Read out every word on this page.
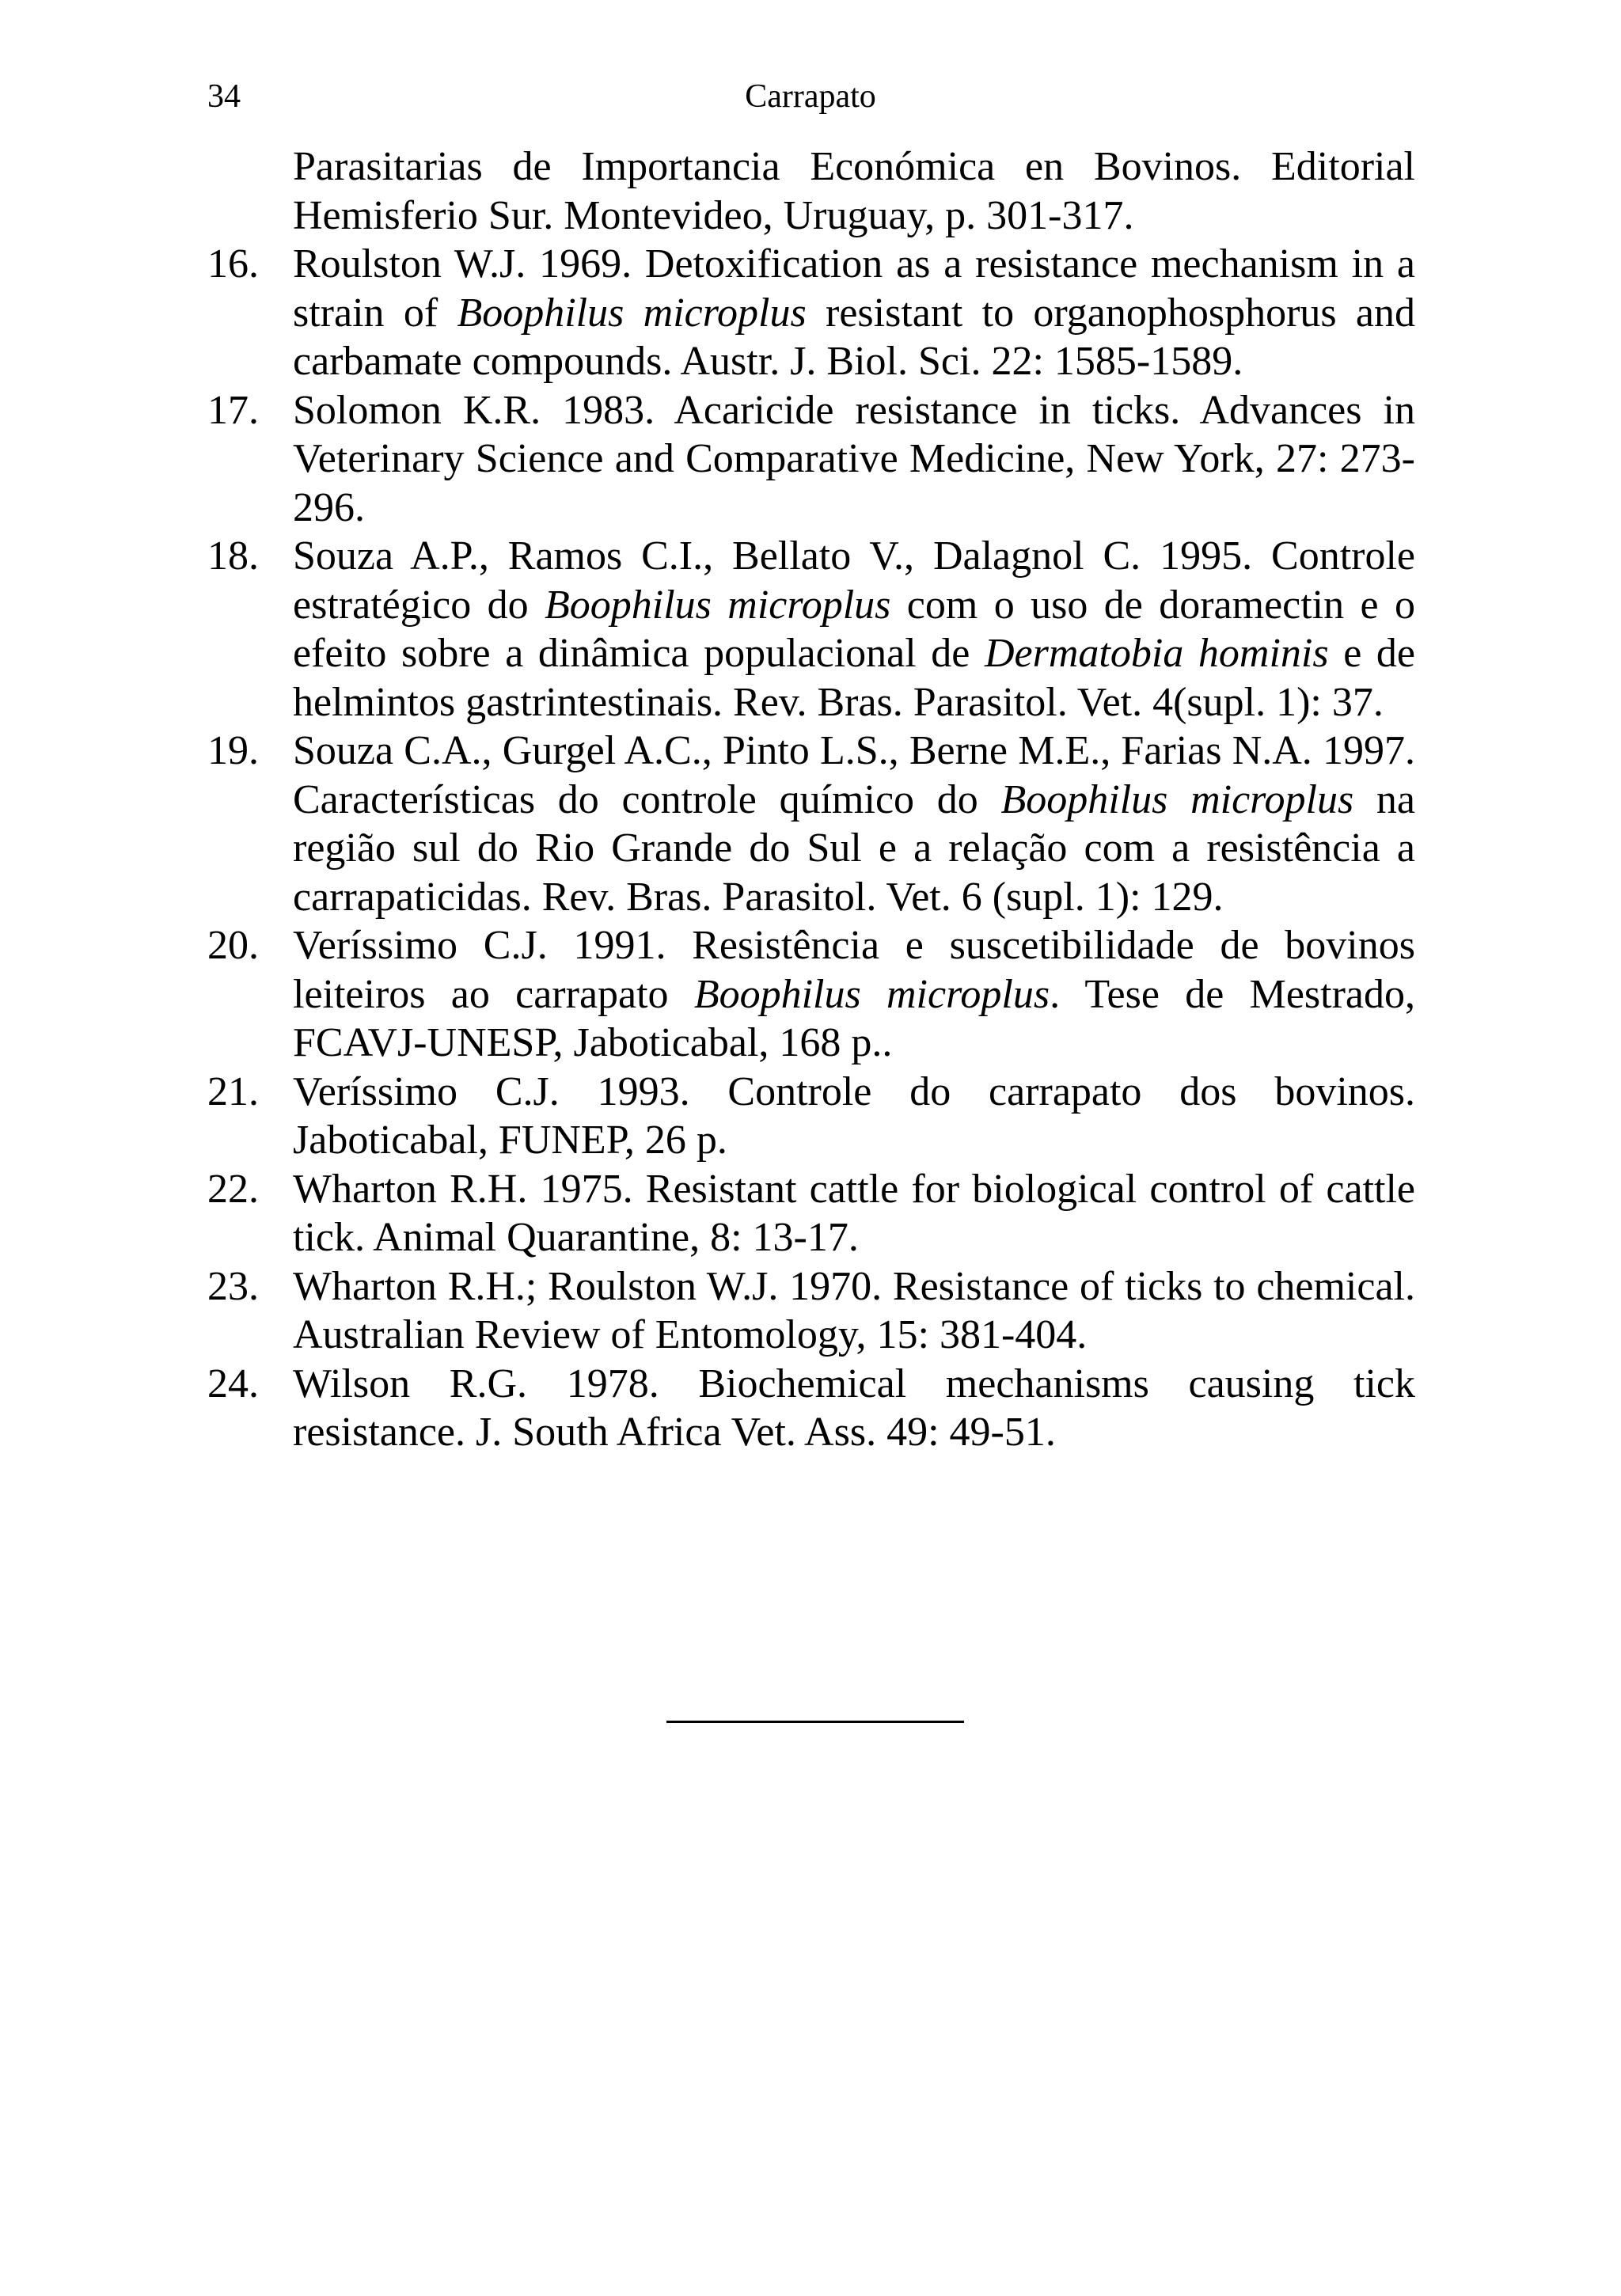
34	Carrapato
Parasitarias de Importancia Económica en Bovinos. Editorial Hemisferio Sur. Montevideo, Uruguay, p. 301-317.
16. Roulston W.J. 1969. Detoxification as a resistance mechanism in a strain of Boophilus microplus resistant to organophosphorus and carbamate compounds. Austr. J. Biol. Sci. 22: 1585-1589.
17. Solomon K.R. 1983. Acaricide resistance in ticks. Advances in Veterinary Science and Comparative Medicine, New York, 27: 273-296.
18. Souza A.P., Ramos C.I., Bellato V., Dalagnol C. 1995. Controle estratégico do Boophilus microplus com o uso de doramectin e o efeito sobre a dinâmica populacional de Dermatobia hominis e de helmintos gastrintestinais. Rev. Bras. Parasitol. Vet. 4(supl. 1): 37.
19. Souza C.A., Gurgel A.C., Pinto L.S., Berne M.E., Farias N.A. 1997. Características do controle químico do Boophilus microplus na região sul do Rio Grande do Sul e a relação com a resistência a carrapaticidas. Rev. Bras. Parasitol. Vet. 6 (supl. 1): 129.
20. Veríssimo C.J. 1991. Resistência e suscetibilidade de bovinos leiteiros ao carrapato Boophilus microplus. Tese de Mestrado, FCAVJ-UNESP, Jaboticabal, 168 p..
21. Veríssimo C.J. 1993. Controle do carrapato dos bovinos. Jaboticabal, FUNEP, 26 p.
22. Wharton R.H. 1975. Resistant cattle for biological control of cattle tick. Animal Quarantine, 8: 13-17.
23. Wharton R.H.; Roulston W.J. 1970. Resistance of ticks to chemical. Australian Review of Entomology, 15: 381-404.
24. Wilson R.G. 1978. Biochemical mechanisms causing tick resistance. J. South Africa Vet. Ass. 49: 49-51.
